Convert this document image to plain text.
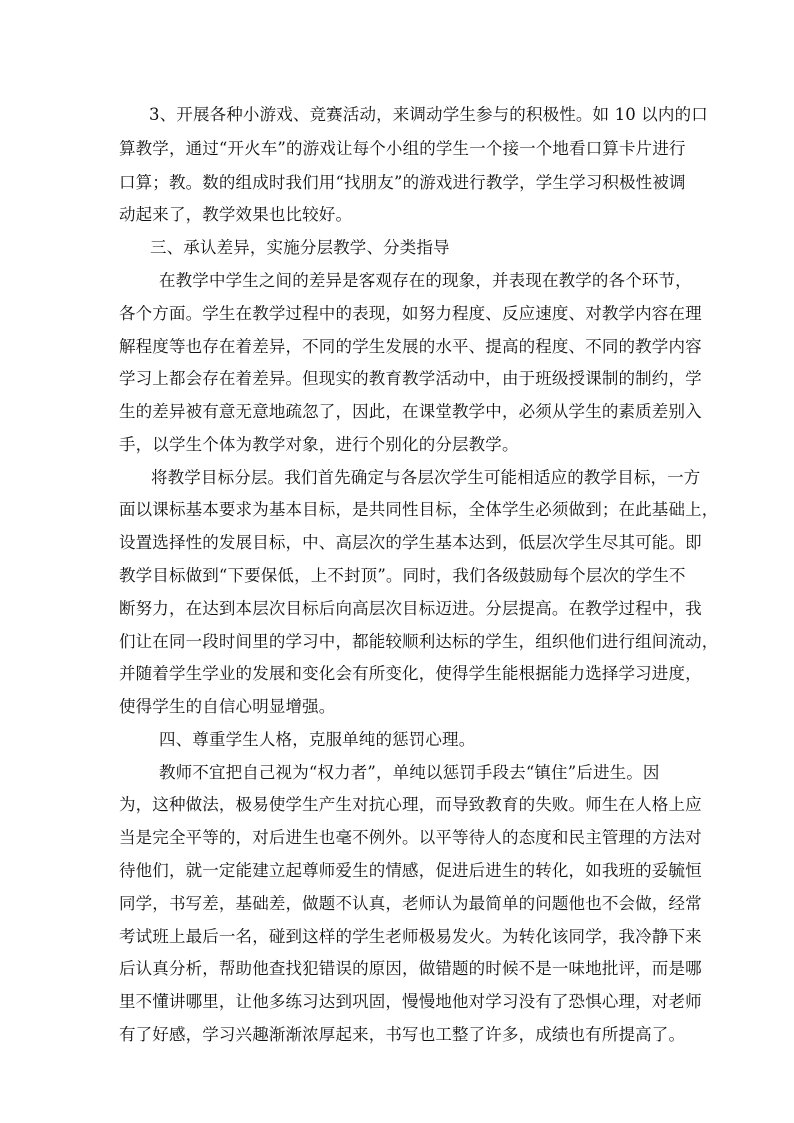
3、开展各种小游戏、竞赛活动，来调动学生参与的积极性。如 10 以内的口
算教学，通过“开火车”的游戏让每个小组的学生一个接一个地看口算卡片进行
口算；教。数的组成时我们用“找朋友”的游戏进行教学，学生学习积极性被调
动起来了，教学效果也比较好。
三、承认差异，实施分层教学、分类指导
在教学中学生之间的差异是客观存在的现象，并表现在教学的各个环节，
各个方面。学生在教学过程中的表现，如努力程度、反应速度、对教学内容在理
解程度等也存在着差异，不同的学生发展的水平、提高的程度、不同的教学内容
学习上都会存在着差异。但现实的教育教学活动中，由于班级授课制的制约，学
生的差异被有意无意地疏忽了，因此，在课堂教学中，必须从学生的素质差别入
手，以学生个体为教学对象，进行个别化的分层教学。
将教学目标分层。我们首先确定与各层次学生可能相适应的教学目标，一方
面以课标基本要求为基本目标，是共同性目标，全体学生必须做到；在此基础上，
设置选择性的发展目标，中、高层次的学生基本达到，低层次学生尽其可能。即
教学目标做到“下要保低，上不封顶”。同时，我们各级鼓励每个层次的学生不
断努力，在达到本层次目标后向高层次目标迈进。分层提高。在教学过程中，我
们让在同一段时间里的学习中，都能较顺利达标的学生，组织他们进行组间流动，
并随着学生学业的发展和变化会有所变化，使得学生能根据能力选择学习进度，
使得学生的自信心明显增强。
四、尊重学生人格，克服单纯的惩罚心理。
教师不宜把自己视为“权力者”，单纯以惩罚手段去“镇住”后进生。因
为，这种做法，极易使学生产生对抗心理，而导致教育的失败。师生在人格上应
当是完全平等的，对后进生也毫不例外。以平等待人的态度和民主管理的方法对
待他们，就一定能建立起尊师爱生的情感，促进后进生的转化，如我班的妥毓恒
同学，书写差，基础差，做题不认真，老师认为最简单的问题他也不会做，经常
考试班上最后一名，碰到这样的学生老师极易发火。为转化该同学，我冷静下来
后认真分析，帮助他查找犯错误的原因，做错题的时候不是一味地批评，而是哪
里不懂讲哪里，让他多练习达到巩固，慢慢地他对学习没有了恐惧心理，对老师
有了好感，学习兴趣渐渐浓厚起来，书写也工整了许多，成绩也有所提高了。
